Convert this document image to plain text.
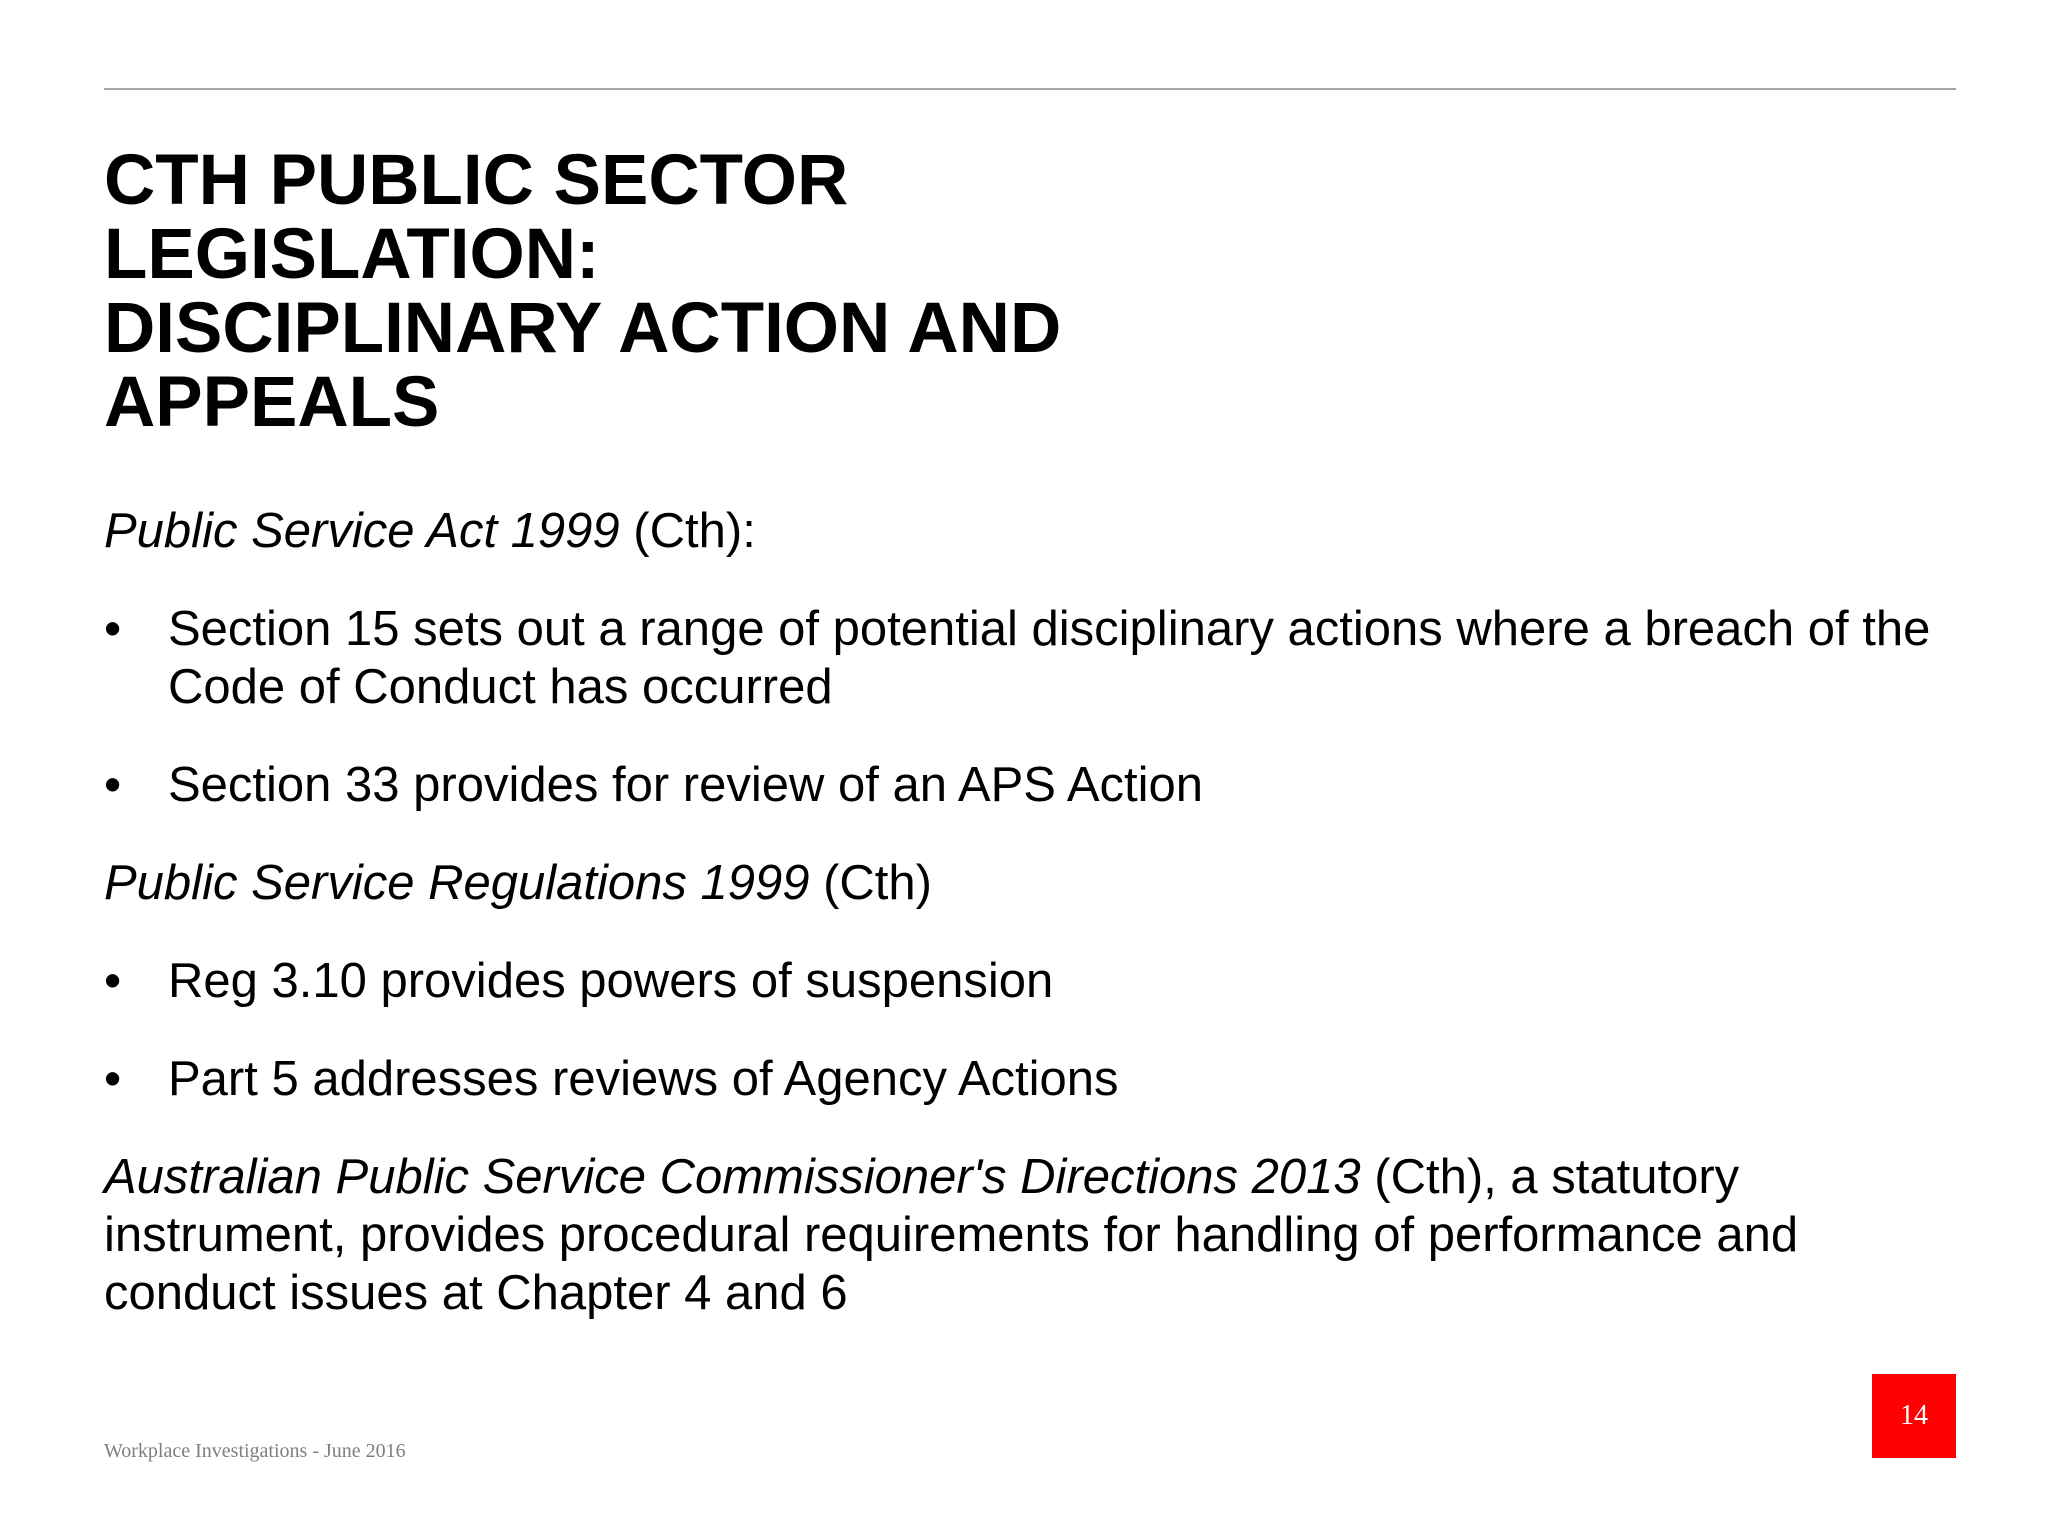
CTH PUBLIC SECTOR
LEGISLATION:
DISCIPLINARY ACTION AND
APPEALS

Public Service Act 1999 (Cth):

• Section 15 sets out a range of potential disciplinary actions where a breach of the Code of Conduct has occurred
• Section 33 provides for review of an APS Action

Public Service Regulations 1999 (Cth)

• Reg 3.10 provides powers of suspension
• Part 5 addresses reviews of Agency Actions

Australian Public Service Commissioner's Directions 2013 (Cth), a statutory instrument, provides procedural requirements for handling of performance and conduct issues at Chapter 4 and 6

Workplace Investigations - June 2016
14
